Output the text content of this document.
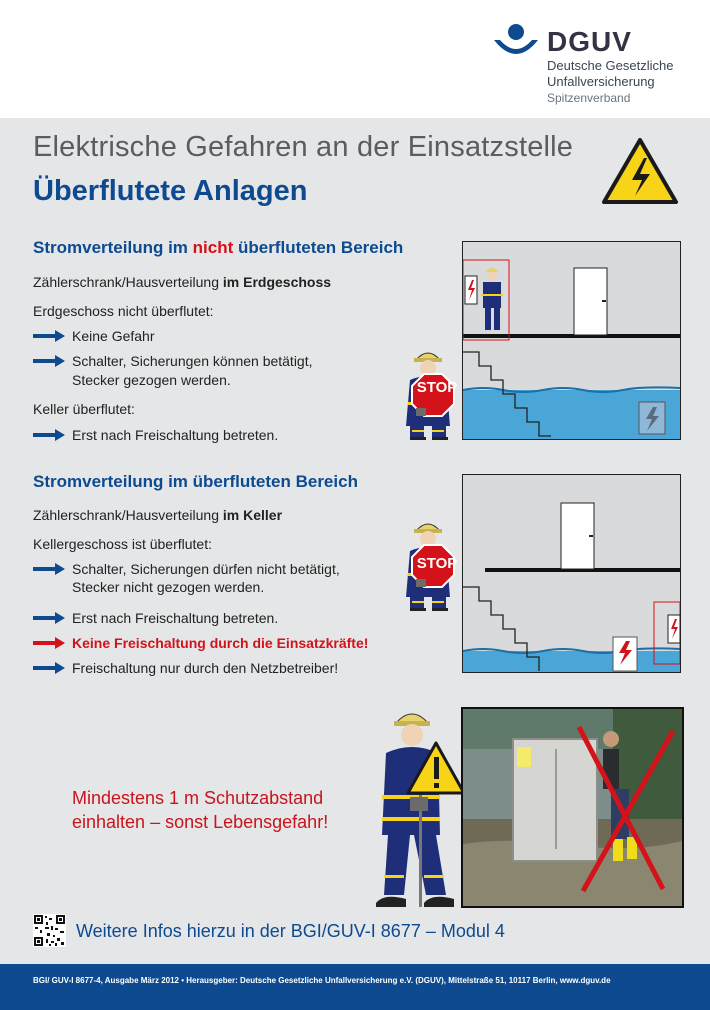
DGUV
Deutsche Gesetzliche
Unfallversicherung
Spitzenverband
Elektrische Gefahren an der Einsatzstelle
Überflutete Anlagen
Stromverteilung im nicht überfluteten Bereich
Zählerschrank/Hausverteilung im Erdgeschoss
Erdgeschoss nicht überflutet:
Keine Gefahr
Schalter, Sicherungen können betätigt,
Stecker gezogen werden.
Keller überflutet:
Erst nach Freischaltung betreten.
STOP
Stromverteilung im überfluteten Bereich
Zählerschrank/Hausverteilung im Keller
Kellergeschoss ist überflutet:
Schalter, Sicherungen dürfen nicht betätigt,
Stecker nicht gezogen werden.
Erst nach Freischaltung betreten.
Keine Freischaltung durch die Einsatzkräfte!
Freischaltung nur durch den Netzbetreiber!
STOP
Mindestens 1 m Schutzabstand
einhalten – sonst Lebensgefahr!
Weitere Infos hierzu in der BGI/GUV-I 8677 – Modul 4
BGI/ GUV-I 8677-4, Ausgabe März 2012 • Herausgeber: Deutsche Gesetzliche Unfallversicherung e.V. (DGUV), Mittelstraße 51, 10117 Berlin, www.dguv.de
